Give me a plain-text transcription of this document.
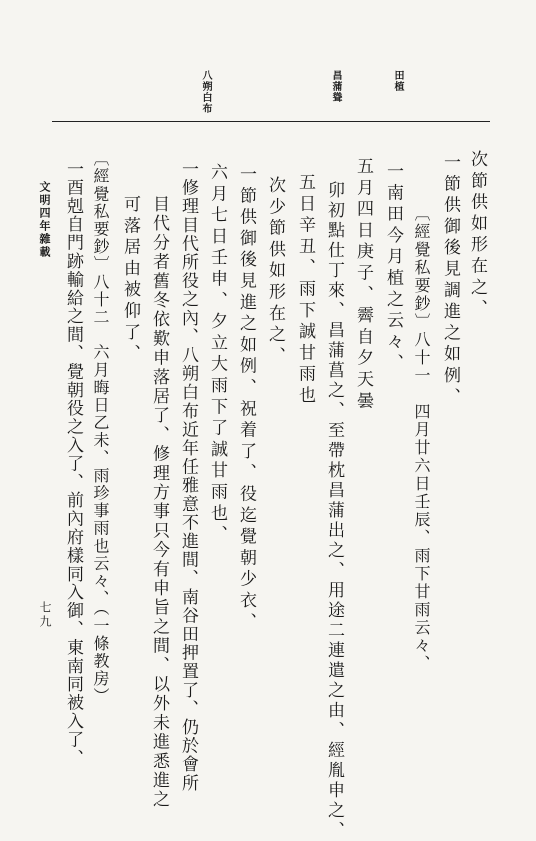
田植
昌蒲聳
八朔白布
次節供如形在之、
一節供御後見調進之如例、
〔經覺私要鈔〕八十一　四月廿六日壬辰、雨下甘雨云々、
一南田今月植之云々、
五月四日庚子、霽自夕天曇
卯初點仕丁來、昌蒲菖之、至帶枕昌蒲出之、用途二連遣之由、經胤申之、
五日辛丑、雨下誠甘雨也
次少節供如形在之、
一節供御後見進之如例、祝着了、役迄覺朝少衣、
六月七日壬申、夕立大雨下了誠甘雨也、
一修理目代所役之內、八朔白布近年任雅意不進間、南谷田押置了、仍於會所
目代分者舊冬依歎申落居了、修理方事只今有申旨之間、以外未進悉進之
可落居由被仰了、
〔經覺私要鈔〕八十二　六月晦日乙未、雨珍事雨也云々、（一條教房）
一酉剋自門跡輸給之間、覺朝役之入了、前內府樣同入御、東南同被入了、
文明四年雜載
七九
